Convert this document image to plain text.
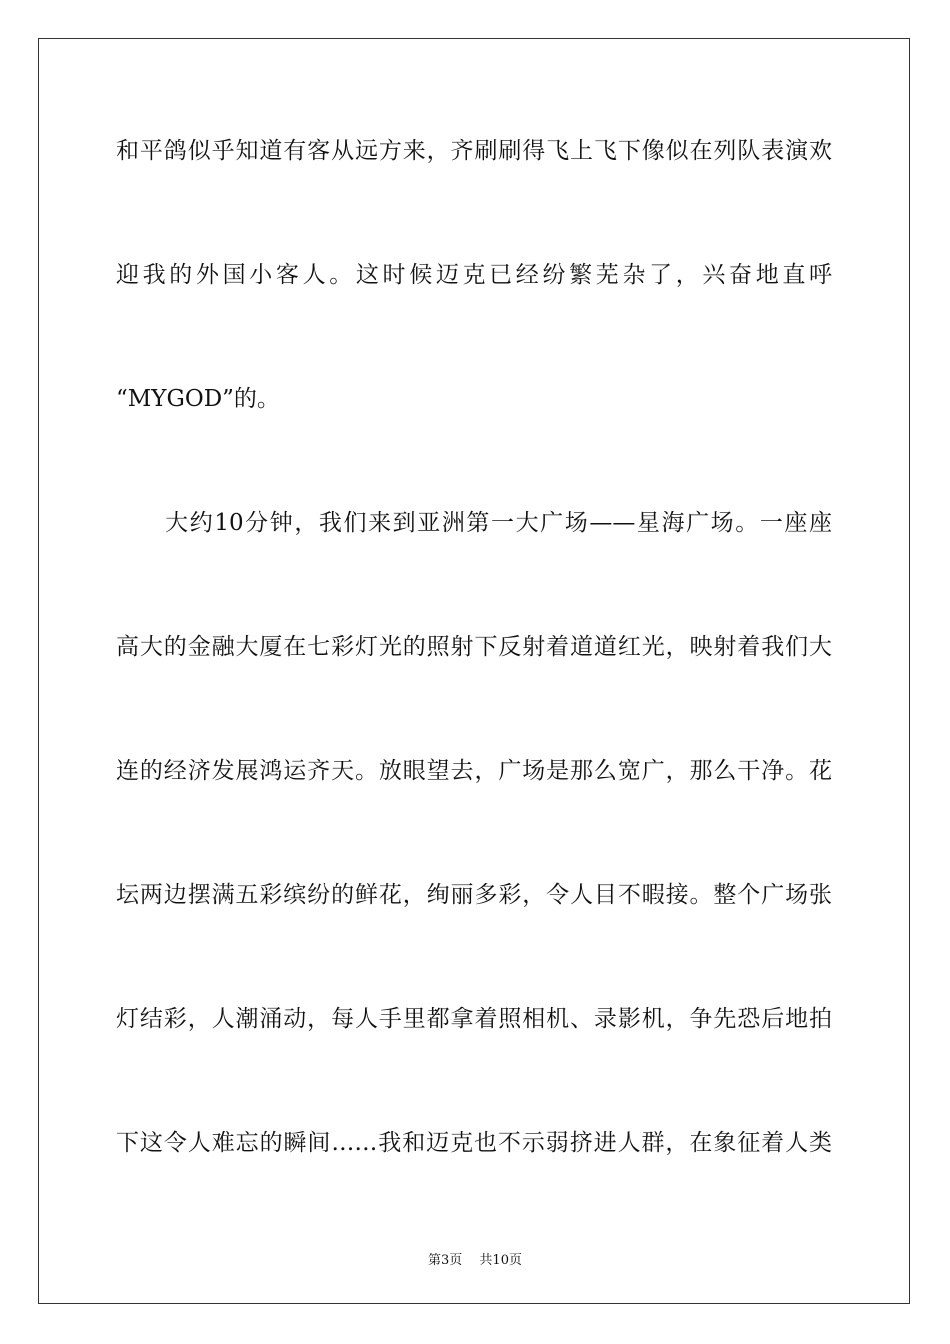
和平鸽似乎知道有客从远方来，齐刷刷得飞上飞下像似在列队表演欢
迎我的外国小客人。这时候迈克已经纷繁芜杂了，兴奋地直呼
“MYGOD”的。
　　大约10分钟，我们来到亚洲第一大广场——星海广场。一座座
高大的金融大厦在七彩灯光的照射下反射着道道红光，映射着我们大
连的经济发展鸿运齐天。放眼望去，广场是那么宽广，那么干净。花
坛两边摆满五彩缤纷的鲜花，绚丽多彩，令人目不暇接。整个广场张
灯结彩，人潮涌动，每人手里都拿着照相机、录影机，争先恐后地拍
下这令人难忘的瞬间……我和迈克也不示弱挤进人群，在象征着人类
第3页　 共10页
